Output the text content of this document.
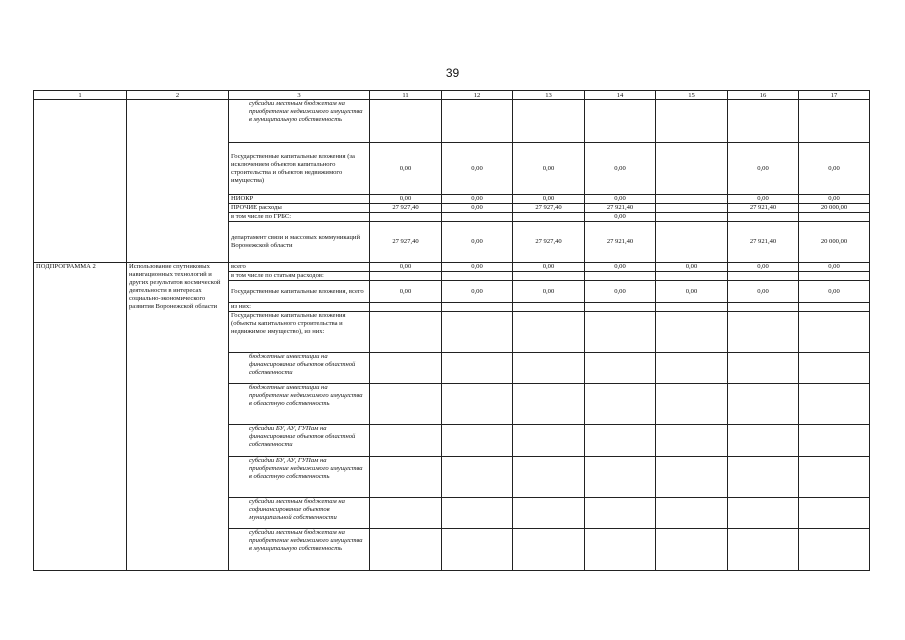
39
1	2	3	11	12	13	14	15	16	17
		субсидии местным бюджетам на приобретение недвижимого имущества в муниципальную собственность							
		Государственные капитальные вложения (за исключением объектов капитального строительства и объектов недвижимого имущества)	0,00	0,00	0,00	0,00		0,00	0,00
		НИОКР	0,00	0,00	0,00	0,00		0,00	0,00
		ПРОЧИЕ расходы	27 927,40	0,00	27 927,40	27 921,40		27 921,40	20 000,00
		в том числе по ГРБС:				0,00			
		департамент связи и массовых коммуникаций Воронежской области	27 927,40	0,00	27 927,40	27 921,40		27 921,40	20 000,00
ПОДПРОГРАММА 2	Использование спутниковых навигационных технологий и других результатов космической деятельности в интересах социально-экономического развития Воронежской области	всего	0,00	0,00	0,00	0,00	0,00	0,00	0,00
		в том числе по статьям расходов:							
		Государственные капитальные вложения, всего	0,00	0,00	0,00	0,00	0,00	0,00	0,00
		из них:							
		Государственные капитальные вложения (объекты капитального строительства и недвижимое имущество), из них:							
		бюджетные инвестиции на финансирование объектов областной собственности							
		бюджетные инвестиции на приобретение недвижимого имущества в областную собственность							
		субсидии БУ, АУ, ГУПам на финансирование объектов областной собственности							
		субсидии БУ, АУ, ГУПам на приобретение недвижимого имущества в областную собственность							
		субсидии местным бюджетам на софинансирование объектов муниципальной собственности							
		субсидии местным бюджетам на приобретение недвижимого имущества в муниципальную собственность							
